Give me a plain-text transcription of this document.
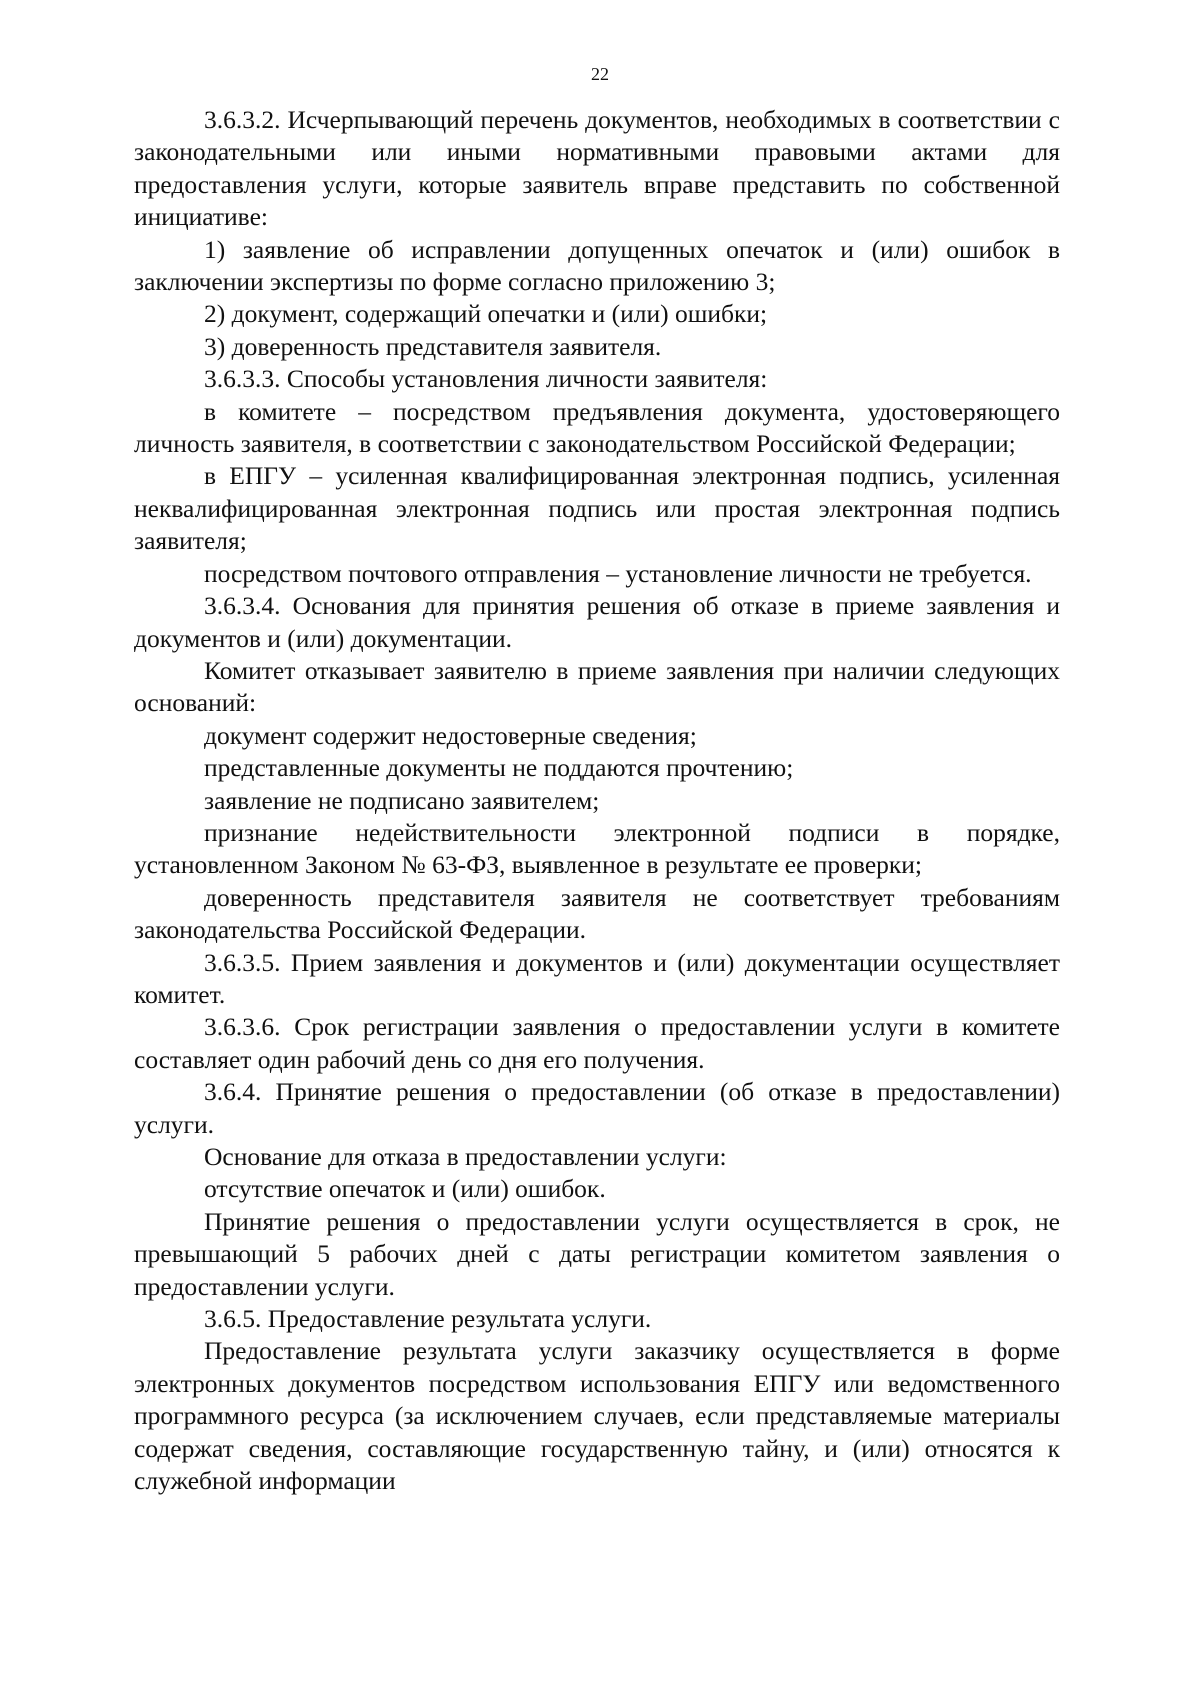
22

3.6.3.2. Исчерпывающий перечень документов, необходимых в соответствии с законодательными или иными нормативными правовыми актами для предоставления услуги, которые заявитель вправе представить по собственной инициативе:

1) заявление об исправлении допущенных опечаток и (или) ошибок в заключении экспертизы по форме согласно приложению 3;

2) документ, содержащий опечатки и (или) ошибки;

3) доверенность представителя заявителя.

3.6.3.3. Способы установления личности заявителя:

в комитете – посредством предъявления документа, удостоверяющего личность заявителя, в соответствии с законодательством Российской Федерации;

в ЕПГУ – усиленная квалифицированная электронная подпись, усиленная неквалифицированная электронная подпись или простая электронная подпись заявителя;

посредством почтового отправления – установление личности не требуется.

3.6.3.4. Основания для принятия решения об отказе в приеме заявления и документов и (или) документации.

Комитет отказывает заявителю в приеме заявления при наличии следующих оснований:

документ содержит недостоверные сведения;

представленные документы не поддаются прочтению;

заявление не подписано заявителем;

признание недействительности электронной подписи в порядке, установленном Законом № 63-ФЗ, выявленное в результате ее проверки;

доверенность представителя заявителя не соответствует требованиям законодательства Российской Федерации.

3.6.3.5. Прием заявления и документов и (или) документации осуществляет комитет.

3.6.3.6. Срок регистрации заявления о предоставлении услуги в комитете составляет один рабочий день со дня его получения.

3.6.4. Принятие решения о предоставлении (об отказе в предоставлении) услуги.

Основание для отказа в предоставлении услуги:

отсутствие опечаток и (или) ошибок.

Принятие решения о предоставлении услуги осуществляется в срок, не превышающий 5 рабочих дней с даты регистрации комитетом заявления о предоставлении услуги.

3.6.5. Предоставление результата услуги.

Предоставление результата услуги заказчику осуществляется в форме электронных документов посредством использования ЕПГУ или ведомственного программного ресурса (за исключением случаев, если представляемые материалы содержат сведения, составляющие государственную тайну, и (или) относятся к служебной информации
